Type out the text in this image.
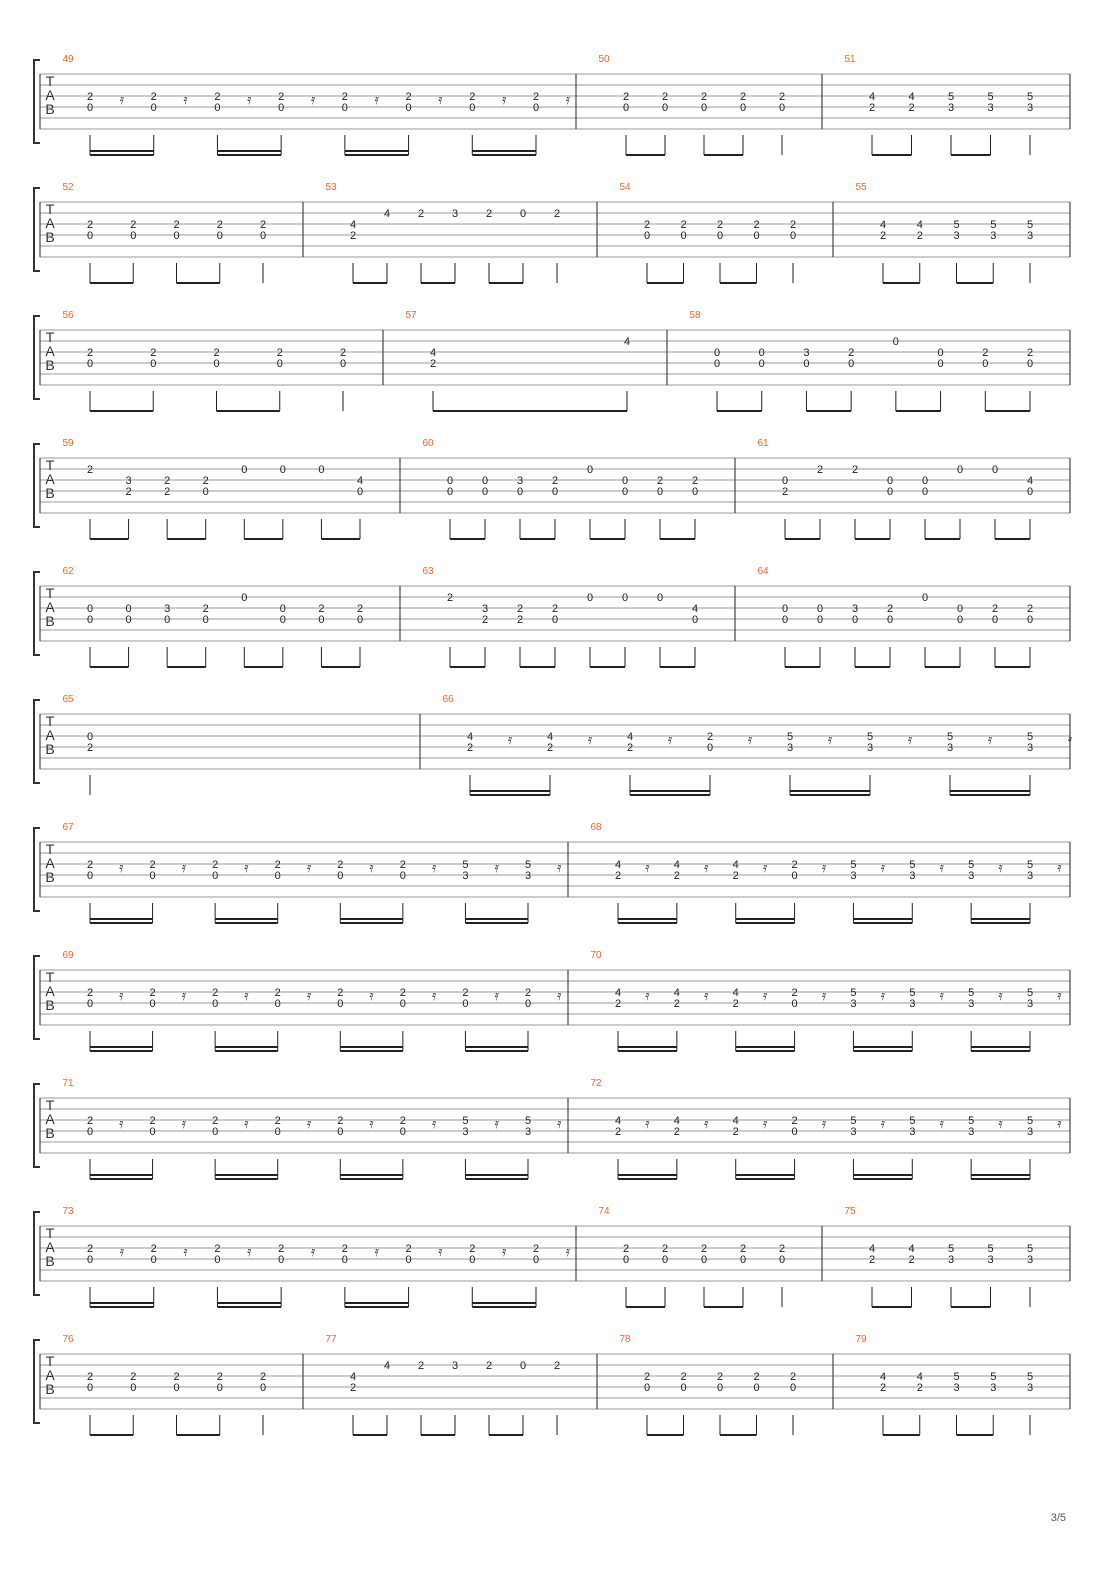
T
A
B
49
2
0
𝄿 2
0
𝄿 2
0
𝄿 2
0
𝄿 2
0
𝄿 2
0
𝄿 2
0
𝄿 2
0
𝄿
50
2
0
2
0
2
0
2
0
2
0
51
4
2
4
2
5
3
5
3
5
3
T
A
B
52
2
0
2
0
2
0
2
0
2
0
53
4
2
4	2	3	2	0	2
54
2
0
2
0
2
0
2
0
2
0
55
4
2
4
2
5
3
5
3
5
3
T
A
B
56
2
0
2
0
2
0
2
0
2
0
57
4
2
4
58
0
0
0
0
3
0
2
0
0
0
0
2
0
2
0
T
A
B
59
2
3
2
2
2
2
0
0	0	0
4
0
60
0
0
0
0
3
0
2
0
0
0
0
2
0
2
0
61
0
2
2	2
0
0
0
0
0	0
4
0
T
A
B
62
0
0
0
0
3
0
2
0
0
0
0
2
0
2
0
63
2
3
2
2
2
2
0
0	0	0
4
0
64
0
0
0
0
3
0
2
0
0
0
0
2
0
2
0
T
A
B
65
0
2
66
4
2
𝄿	4
2
𝄿	4
2
𝄿	2
0
𝄿	5
3
𝄿	5
3
𝄿	5
3
𝄿	5
3
𝄿
T
A
B
67
2
0
𝄿 2
0
𝄿 2
0
𝄿 2
0
𝄿 2
0
𝄿 2
0
𝄿 5
3
𝄿 5
3
𝄿
68
4
2
𝄿 4
2
𝄿 4
2
𝄿 2
0
𝄿 5
3
𝄿 5
3
𝄿 5
3
𝄿 5
3
𝄿
T
A
B
69
2
0
𝄿 2
0
𝄿 2
0
𝄿 2
0
𝄿 2
0
𝄿 2
0
𝄿 2
0
𝄿 2
0
𝄿
70
4
2
𝄿 4
2
𝄿 4
2
𝄿 2
0
𝄿 5
3
𝄿 5
3
𝄿 5
3
𝄿 5
3
𝄿
T
A
B
71
2
0
𝄿 2
0
𝄿 2
0
𝄿 2
0
𝄿 2
0
𝄿 2
0
𝄿 5
3
𝄿 5
3
𝄿
72
4
2
𝄿 4
2
𝄿 4
2
𝄿 2
0
𝄿 5
3
𝄿 5
3
𝄿 5
3
𝄿 5
3
𝄿
T
A
B
73
2
0
𝄿 2
0
𝄿 2
0
𝄿 2
0
𝄿 2
0
𝄿 2
0
𝄿 2
0
𝄿 2
0
𝄿
74
2
0
2
0
2
0
2
0
2
0
75
4
2
4
2
5
3
5
3
5
3
T
A
B
76
2
0
2
0
2
0
2
0
2
0
77
4
2
4	2	3	2	0	2
78
2
0
2
0
2
0
2
0
2
0
79
4
2
4
2
5
3
5
3
5
3
3/5
